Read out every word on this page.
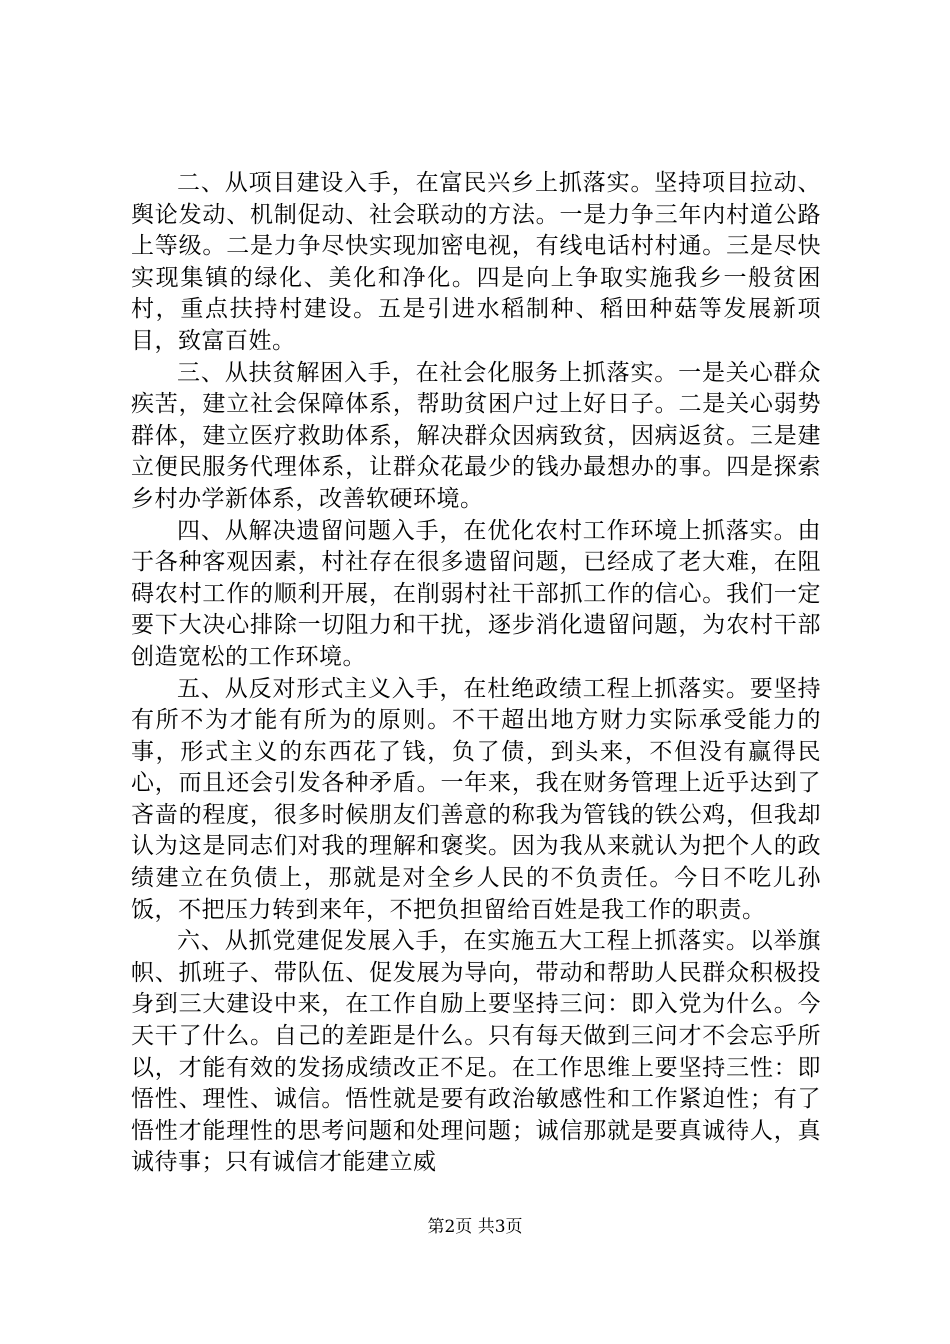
二、从项目建设入手，在富民兴乡上抓落实。坚持项目拉动、舆论发动、机制促动、社会联动的方法。一是力争三年内村道公路上等级。二是力争尽快实现加密电视，有线电话村村通。三是尽快实现集镇的绿化、美化和净化。四是向上争取实施我乡一般贫困村，重点扶持村建设。五是引进水稻制种、稻田种菇等发展新项目，致富百姓。

三、从扶贫解困入手，在社会化服务上抓落实。一是关心群众疾苦，建立社会保障体系，帮助贫困户过上好日子。二是关心弱势群体，建立医疗救助体系，解决群众因病致贫，因病返贫。三是建立便民服务代理体系，让群众花最少的钱办最想办的事。四是探索乡村办学新体系，改善软硬环境。

四、从解决遗留问题入手，在优化农村工作环境上抓落实。由于各种客观因素，村社存在很多遗留问题，已经成了老大难，在阻碍农村工作的顺利开展，在削弱村社干部抓工作的信心。我们一定要下大决心排除一切阻力和干扰，逐步消化遗留问题，为农村干部创造宽松的工作环境。

五、从反对形式主义入手，在杜绝政绩工程上抓落实。要坚持有所不为才能有所为的原则。不干超出地方财力实际承受能力的事，形式主义的东西花了钱，负了债，到头来，不但没有赢得民心，而且还会引发各种矛盾。一年来，我在财务管理上近乎达到了吝啬的程度，很多时候朋友们善意的称我为管钱的铁公鸡，但我却认为这是同志们对我的理解和褒奖。因为我从来就认为把个人的政绩建立在负债上，那就是对全乡人民的不负责任。今日不吃儿孙饭，不把压力转到来年，不把负担留给百姓是我工作的职责。

六、从抓党建促发展入手，在实施五大工程上抓落实。以举旗帜、抓班子、带队伍、促发展为导向，带动和帮助人民群众积极投身到三大建设中来，在工作自励上要坚持三问：即入党为什么。今天干了什么。自己的差距是什么。只有每天做到三问才不会忘乎所以，才能有效的发扬成绩改正不足。在工作思维上要坚持三性：即悟性、理性、诚信。悟性就是要有政治敏感性和工作紧迫性；有了悟性才能理性的思考问题和处理问题；诚信那就是要真诚待人，真诚待事；只有诚信才能建立威

第2页 共3页
